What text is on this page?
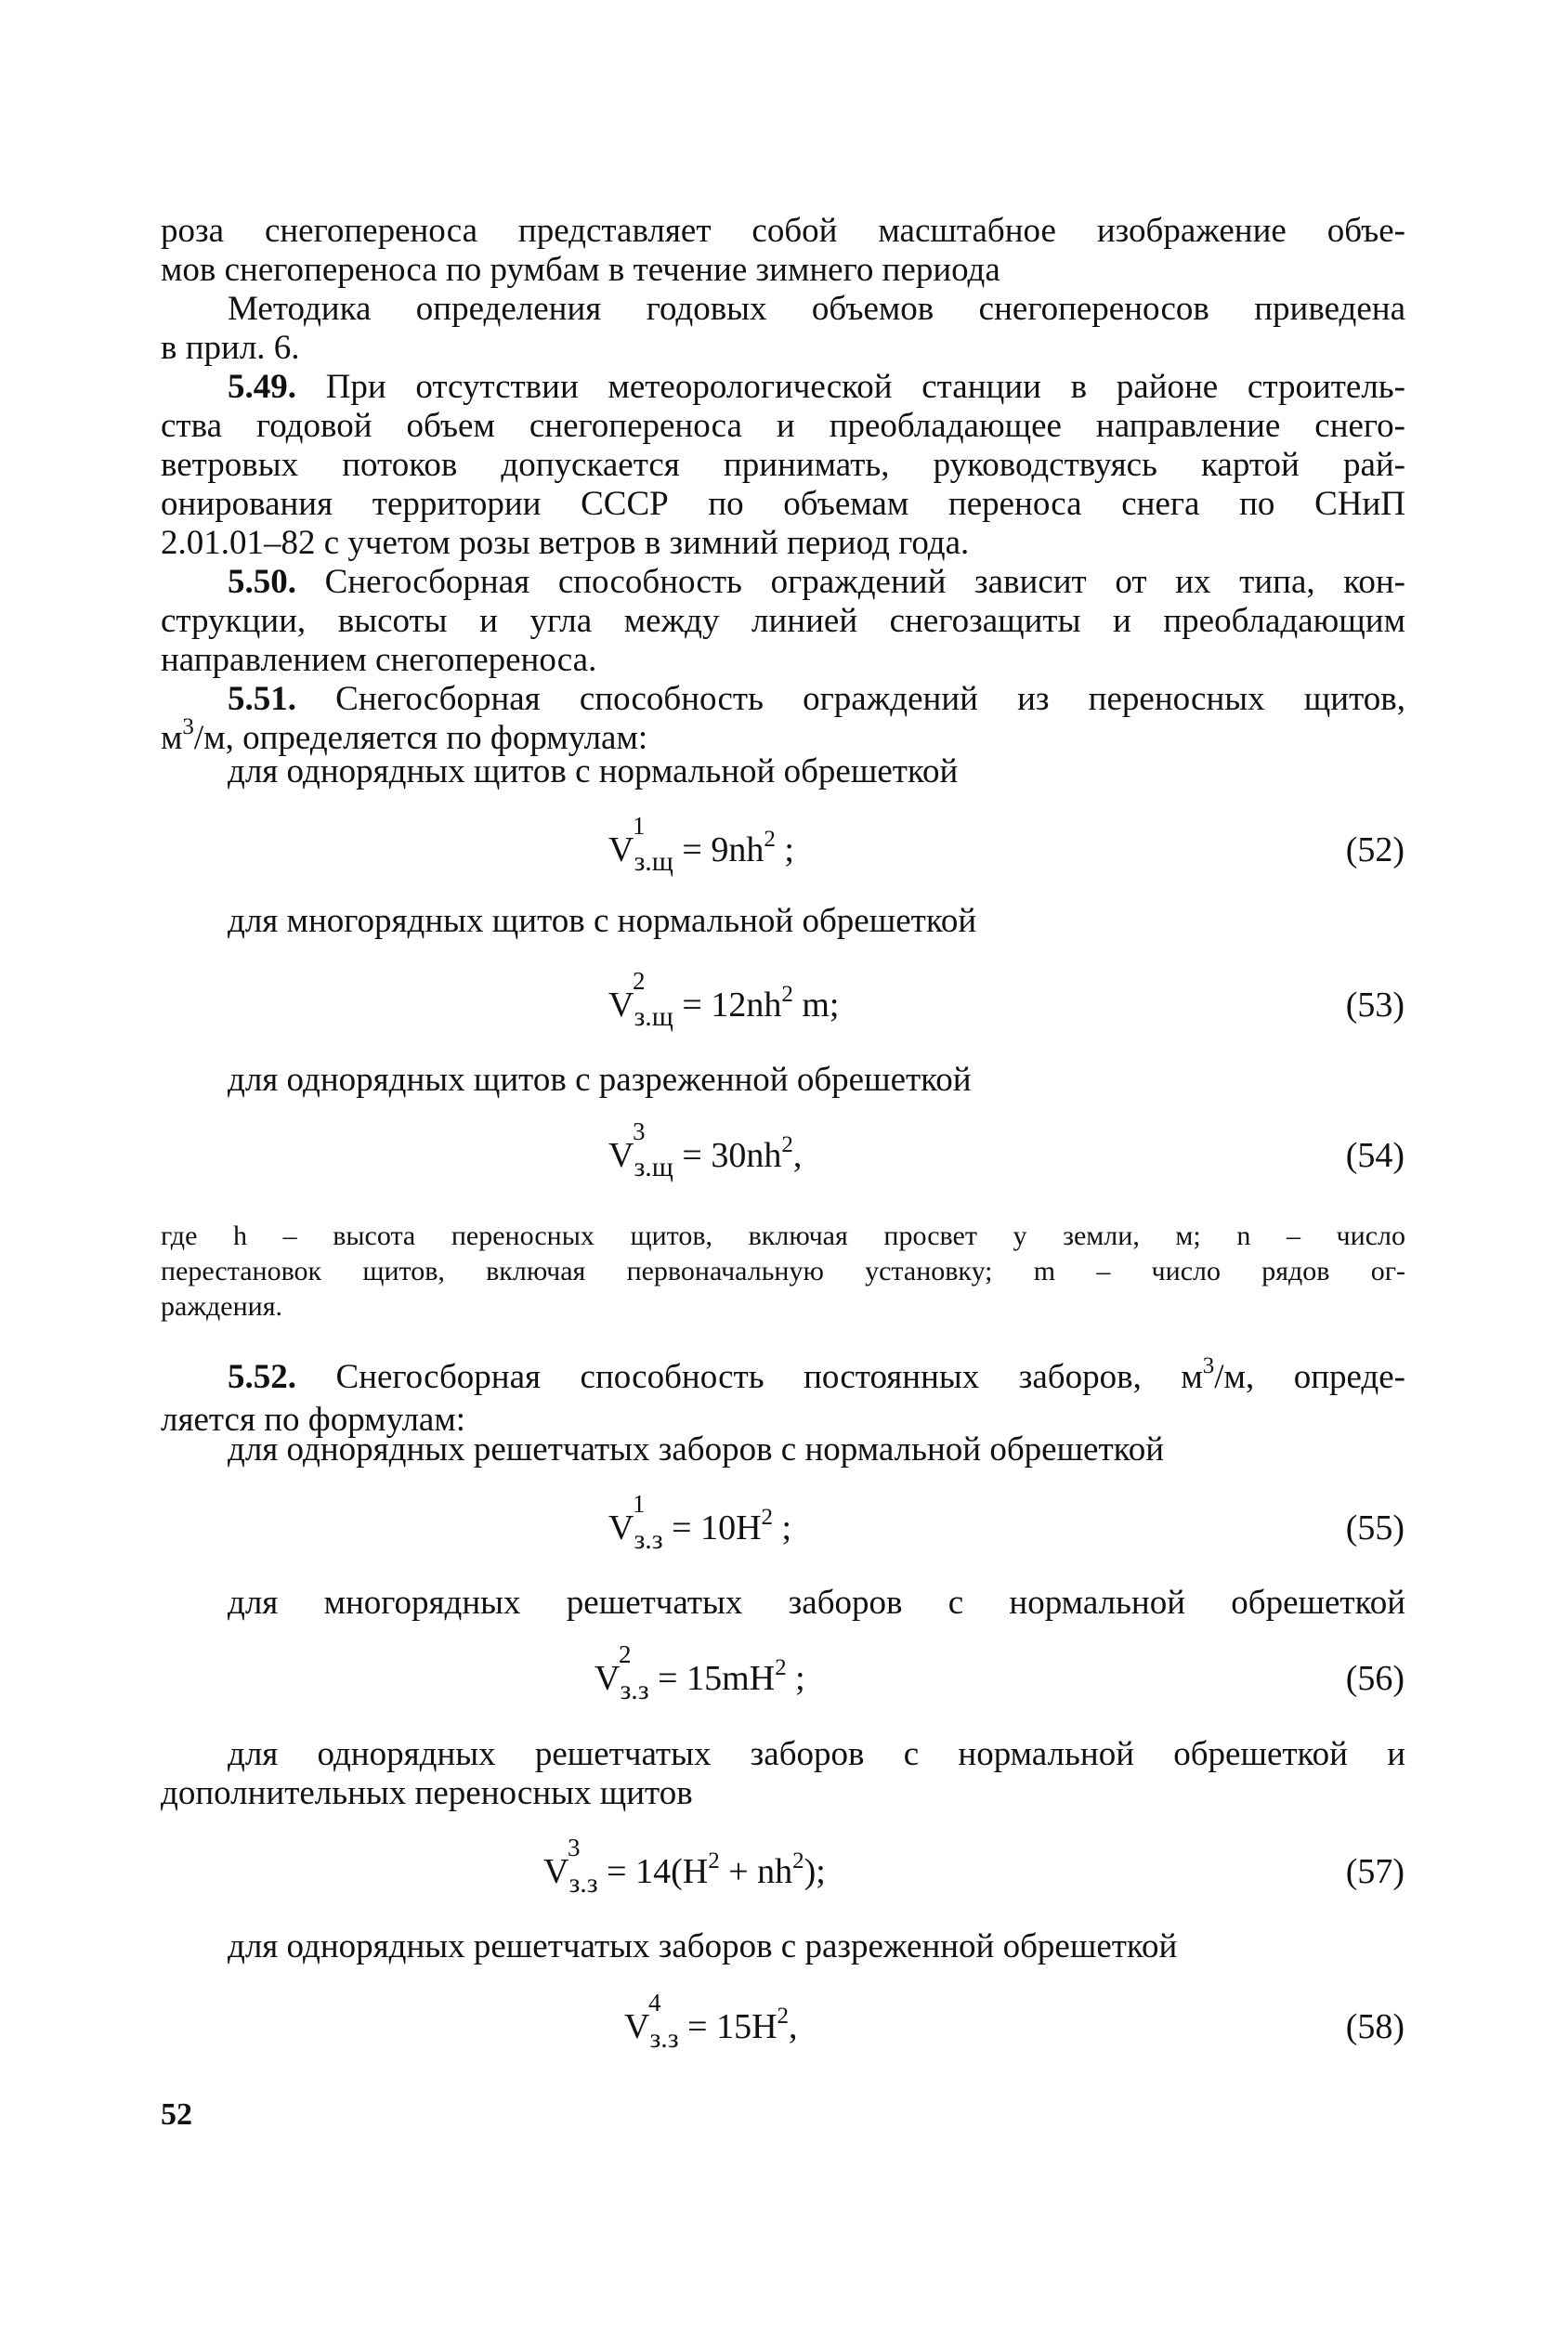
роза снегопереноса представляет собой масштабное изображение объе-
мов снегопереноса по румбам в течение зимнего периода
Методика определения годовых объемов снегопереносов приведена
в прил. 6.
5.49. При отсутствии метеорологической станции в районе строитель-
ства годовой объем снегопереноса и преобладающее направление снего-
ветровых потоков допускается принимать, руководствуясь картой рай-
онирования территории СССР по объемам переноса снега по СНиП
2.01.01–82 с учетом розы ветров в зимний период года.
5.50. Снегосборная способность ограждений зависит от их типа, кон-
струкции, высоты и угла между линией снегозащиты и преобладающим
направлением снегопереноса.
5.51. Снегосборная способность ограждений из переносных щитов,
$м^3/м$, определяется по формулам:
для однорядных щитов с нормальной обрешеткой
V
1
$_{з.щ} = 9nh^2$ ;	(52)
для многорядных щитов с нормальной обрешеткой
V
2
$_{з.щ} = 12nh^2$ m;	(53)
для однорядных щитов с разреженной обрешеткой
V
3
$_{з.щ} = 30nh^2$,	(54)
где h – высота переносных щитов, включая просвет у земли, м; n – число
перестановок щитов, включая первоначальную установку; m – число рядов ог-
раждения.
5.52. Снегосборная способность постоянных заборов, $м^3/м$, опреде-
ляется по формулам:
для однорядных решетчатых заборов с нормальной обрешеткой
V
1
$_{з.з} = 10H^2$ ;	(55)
для многорядных решетчатых заборов с нормальной обрешеткой
V
2
$_{з.з} = 15mH^2$ ;	(56)
для однорядных решетчатых заборов с нормальной обрешеткой и
дополнительных переносных щитов
V
3
$_{з.з} = 14(H^2 + nh^2)$;	(57)
для однорядных решетчатых заборов с разреженной обрешеткой
V
4
$_{з.з} = 15H^2$,	(58)
52
